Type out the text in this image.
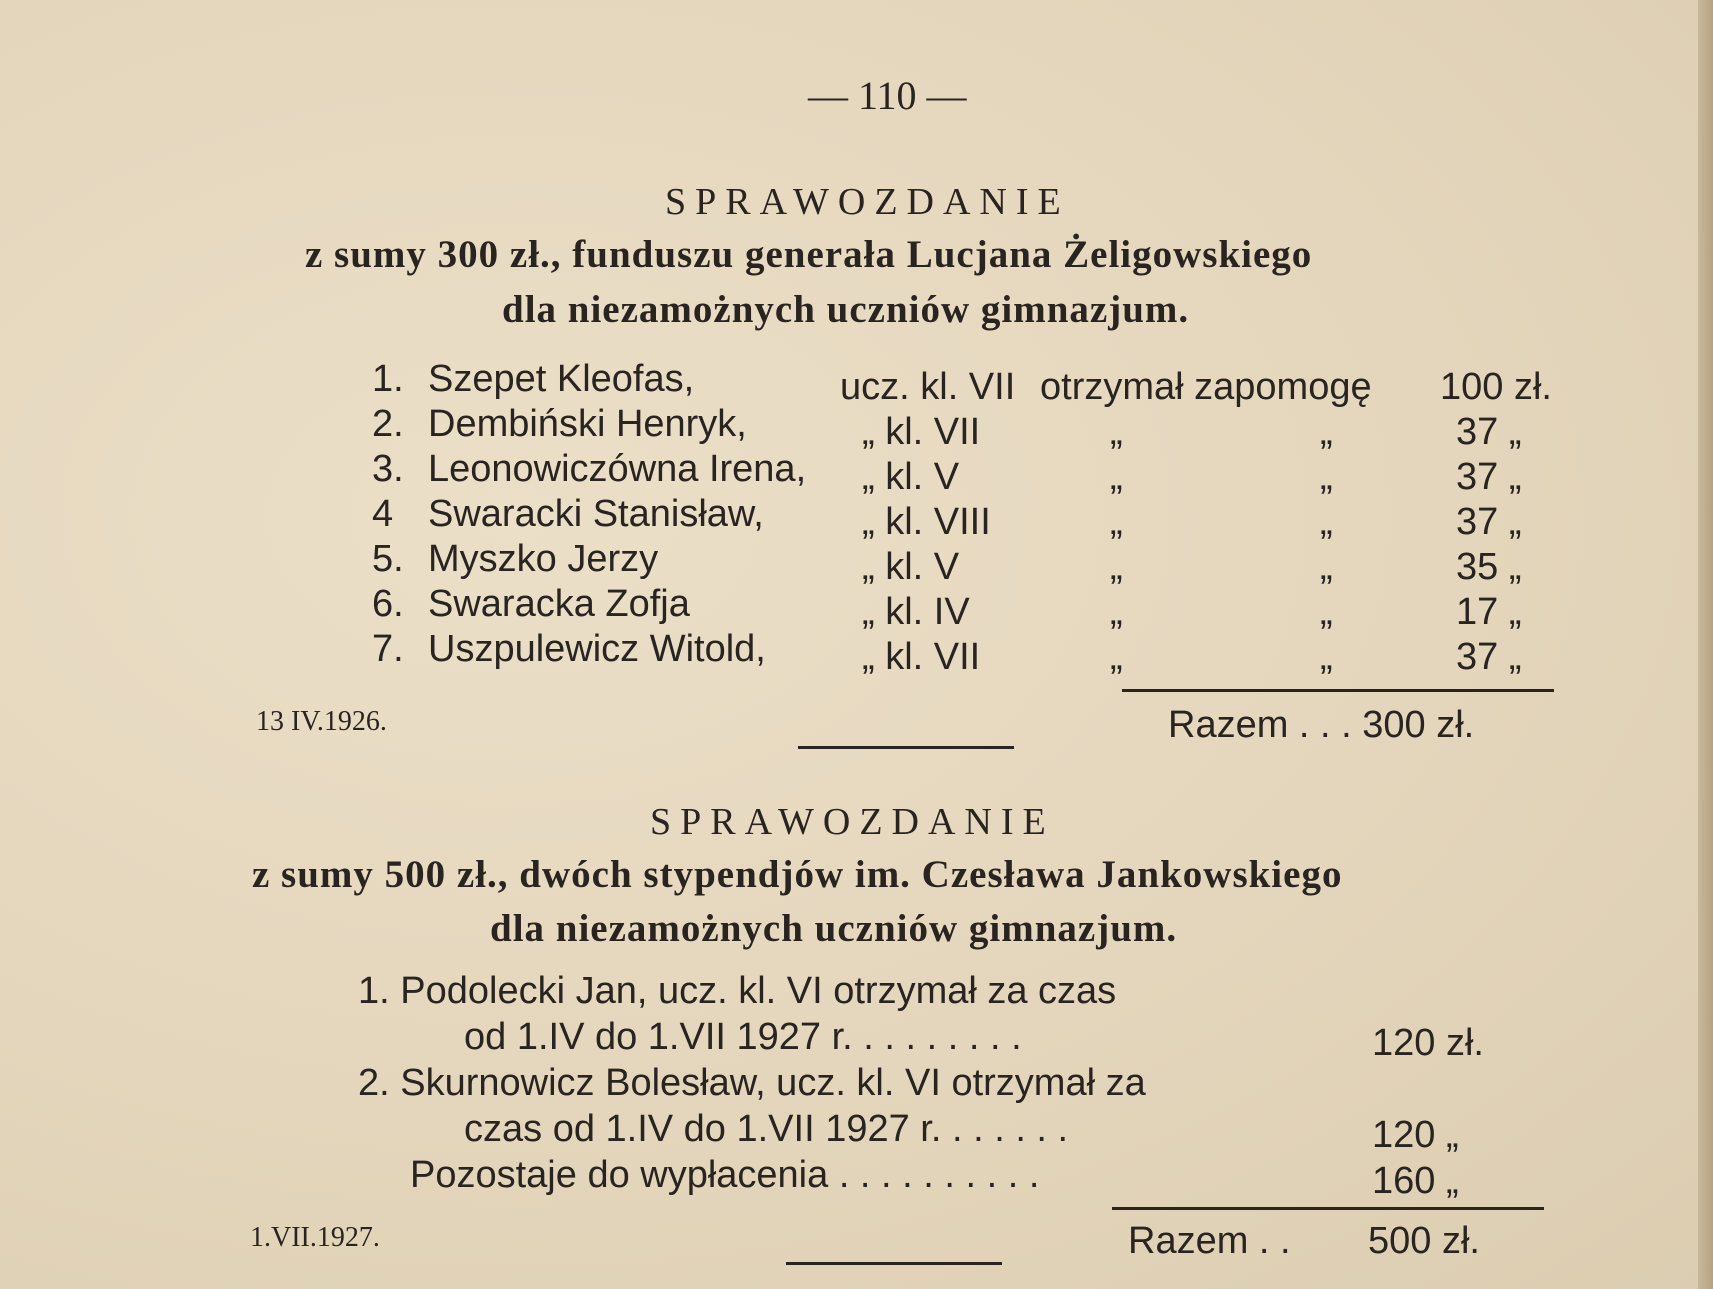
— 110 —
SPRAWOZDANIE
z sumy 300 zł., funduszu generała Lucjana Żeligowskiego
dla niezamożnych uczniów gimnazjum.
1. Szepet Kleofas,	ucz. kl. VII otrzymał zapomogę 100 zł.
2. Dembiński Henryk,	„ kl. VII	„	„	37 „
3. Leonowiczówna Irena, „ kl. V	„	„	37 „
4 Swaracki Stanisław,	„ kl. VIII	„	„	37 „
5. Myszko Jerzy	„ kl. V	„	„	35 „
6. Swaracka Zofja	„ kl. IV	„	„	17 „
7. Uszpulewicz Witold,	„ kl. VII	„	„	37 „
13 IV.1926.	Razem . . . 300 zł.
SPRAWOZDANIE
z sumy 500 zł., dwóch stypendjów im. Czesława Jankowskiego
dla niezamożnych uczniów gimnazjum.
1. Podolecki Jan, ucz. kl. VI otrzymał za czas
od 1.IV do 1.VII 1927 r. . . . . . . . .	120 zł.
2. Skurnowicz Bolesław, ucz. kl. VI otrzymał za
czas od 1.IV do 1.VII 1927 r. . . . . . .	120 „
Pozostaje do wypłacenia . . . . . . . . . .	160 „
1.VII.1927.	Razem . . 500 zł.
